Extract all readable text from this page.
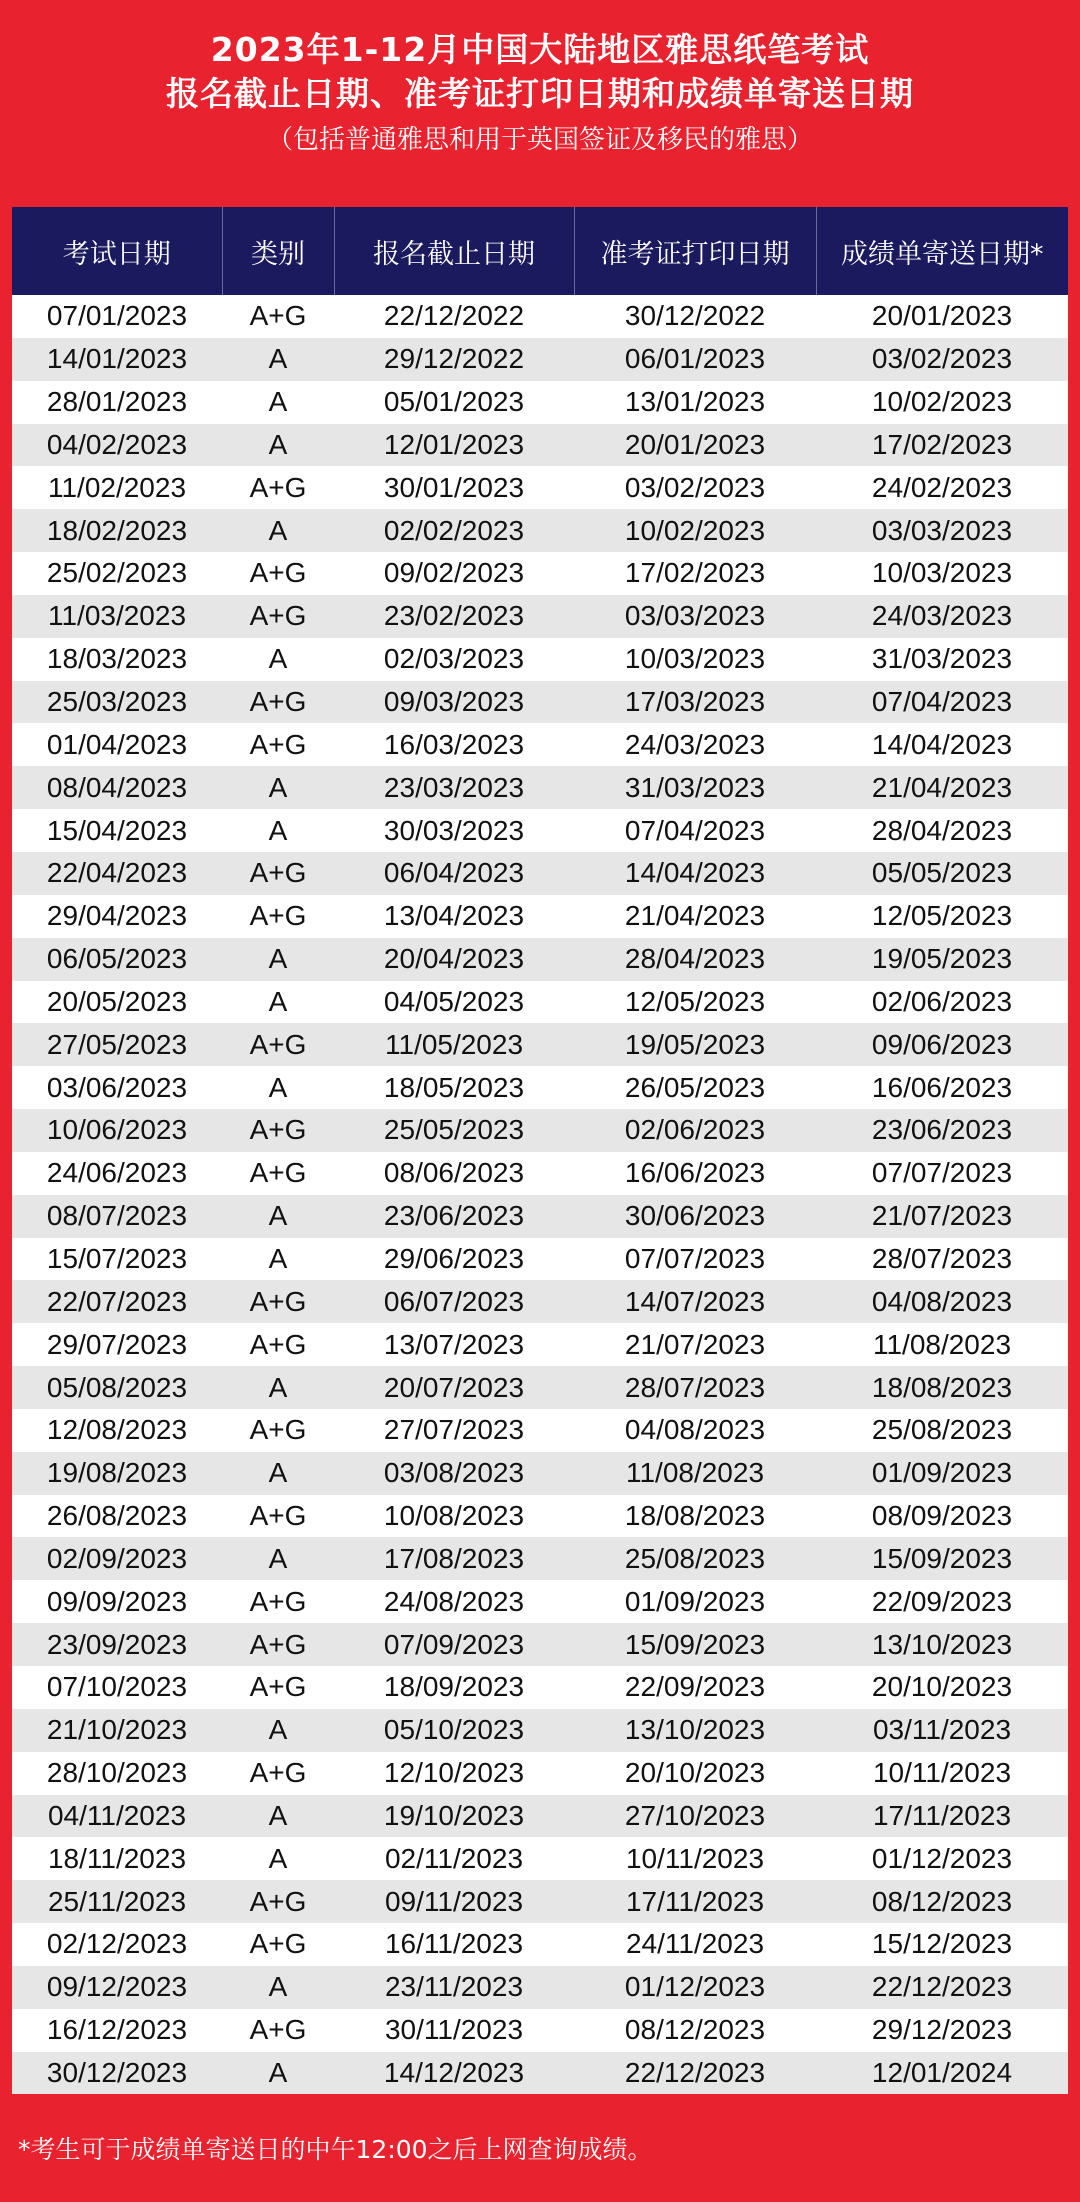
2023年1-12月中国大陆地区雅思纸笔考试
报名截止日期、准考证打印日期和成绩单寄送日期
（包括普通雅思和用于英国签证及移民的雅思）
考试日期	类别	报名截止日期	准考证打印日期	成绩单寄送日期*
07/01/2023	A+G	22/12/2022	30/12/2022	20/01/2023
14/01/2023	A	29/12/2022	06/01/2023	03/02/2023
28/01/2023	A	05/01/2023	13/01/2023	10/02/2023
04/02/2023	A	12/01/2023	20/01/2023	17/02/2023
11/02/2023	A+G	30/01/2023	03/02/2023	24/02/2023
18/02/2023	A	02/02/2023	10/02/2023	03/03/2023
25/02/2023	A+G	09/02/2023	17/02/2023	10/03/2023
11/03/2023	A+G	23/02/2023	03/03/2023	24/03/2023
18/03/2023	A	02/03/2023	10/03/2023	31/03/2023
25/03/2023	A+G	09/03/2023	17/03/2023	07/04/2023
01/04/2023	A+G	16/03/2023	24/03/2023	14/04/2023
08/04/2023	A	23/03/2023	31/03/2023	21/04/2023
15/04/2023	A	30/03/2023	07/04/2023	28/04/2023
22/04/2023	A+G	06/04/2023	14/04/2023	05/05/2023
29/04/2023	A+G	13/04/2023	21/04/2023	12/05/2023
06/05/2023	A	20/04/2023	28/04/2023	19/05/2023
20/05/2023	A	04/05/2023	12/05/2023	02/06/2023
27/05/2023	A+G	11/05/2023	19/05/2023	09/06/2023
03/06/2023	A	18/05/2023	26/05/2023	16/06/2023
10/06/2023	A+G	25/05/2023	02/06/2023	23/06/2023
24/06/2023	A+G	08/06/2023	16/06/2023	07/07/2023
08/07/2023	A	23/06/2023	30/06/2023	21/07/2023
15/07/2023	A	29/06/2023	07/07/2023	28/07/2023
22/07/2023	A+G	06/07/2023	14/07/2023	04/08/2023
29/07/2023	A+G	13/07/2023	21/07/2023	11/08/2023
05/08/2023	A	20/07/2023	28/07/2023	18/08/2023
12/08/2023	A+G	27/07/2023	04/08/2023	25/08/2023
19/08/2023	A	03/08/2023	11/08/2023	01/09/2023
26/08/2023	A+G	10/08/2023	18/08/2023	08/09/2023
02/09/2023	A	17/08/2023	25/08/2023	15/09/2023
09/09/2023	A+G	24/08/2023	01/09/2023	22/09/2023
23/09/2023	A+G	07/09/2023	15/09/2023	13/10/2023
07/10/2023	A+G	18/09/2023	22/09/2023	20/10/2023
21/10/2023	A	05/10/2023	13/10/2023	03/11/2023
28/10/2023	A+G	12/10/2023	20/10/2023	10/11/2023
04/11/2023	A	19/10/2023	27/10/2023	17/11/2023
18/11/2023	A	02/11/2023	10/11/2023	01/12/2023
25/11/2023	A+G	09/11/2023	17/11/2023	08/12/2023
02/12/2023	A+G	16/11/2023	24/11/2023	15/12/2023
09/12/2023	A	23/11/2023	01/12/2023	22/12/2023
16/12/2023	A+G	30/11/2023	08/12/2023	29/12/2023
30/12/2023	A	14/12/2023	22/12/2023	12/01/2024
*考生可于成绩单寄送日的中午12:00之后上网查询成绩。
